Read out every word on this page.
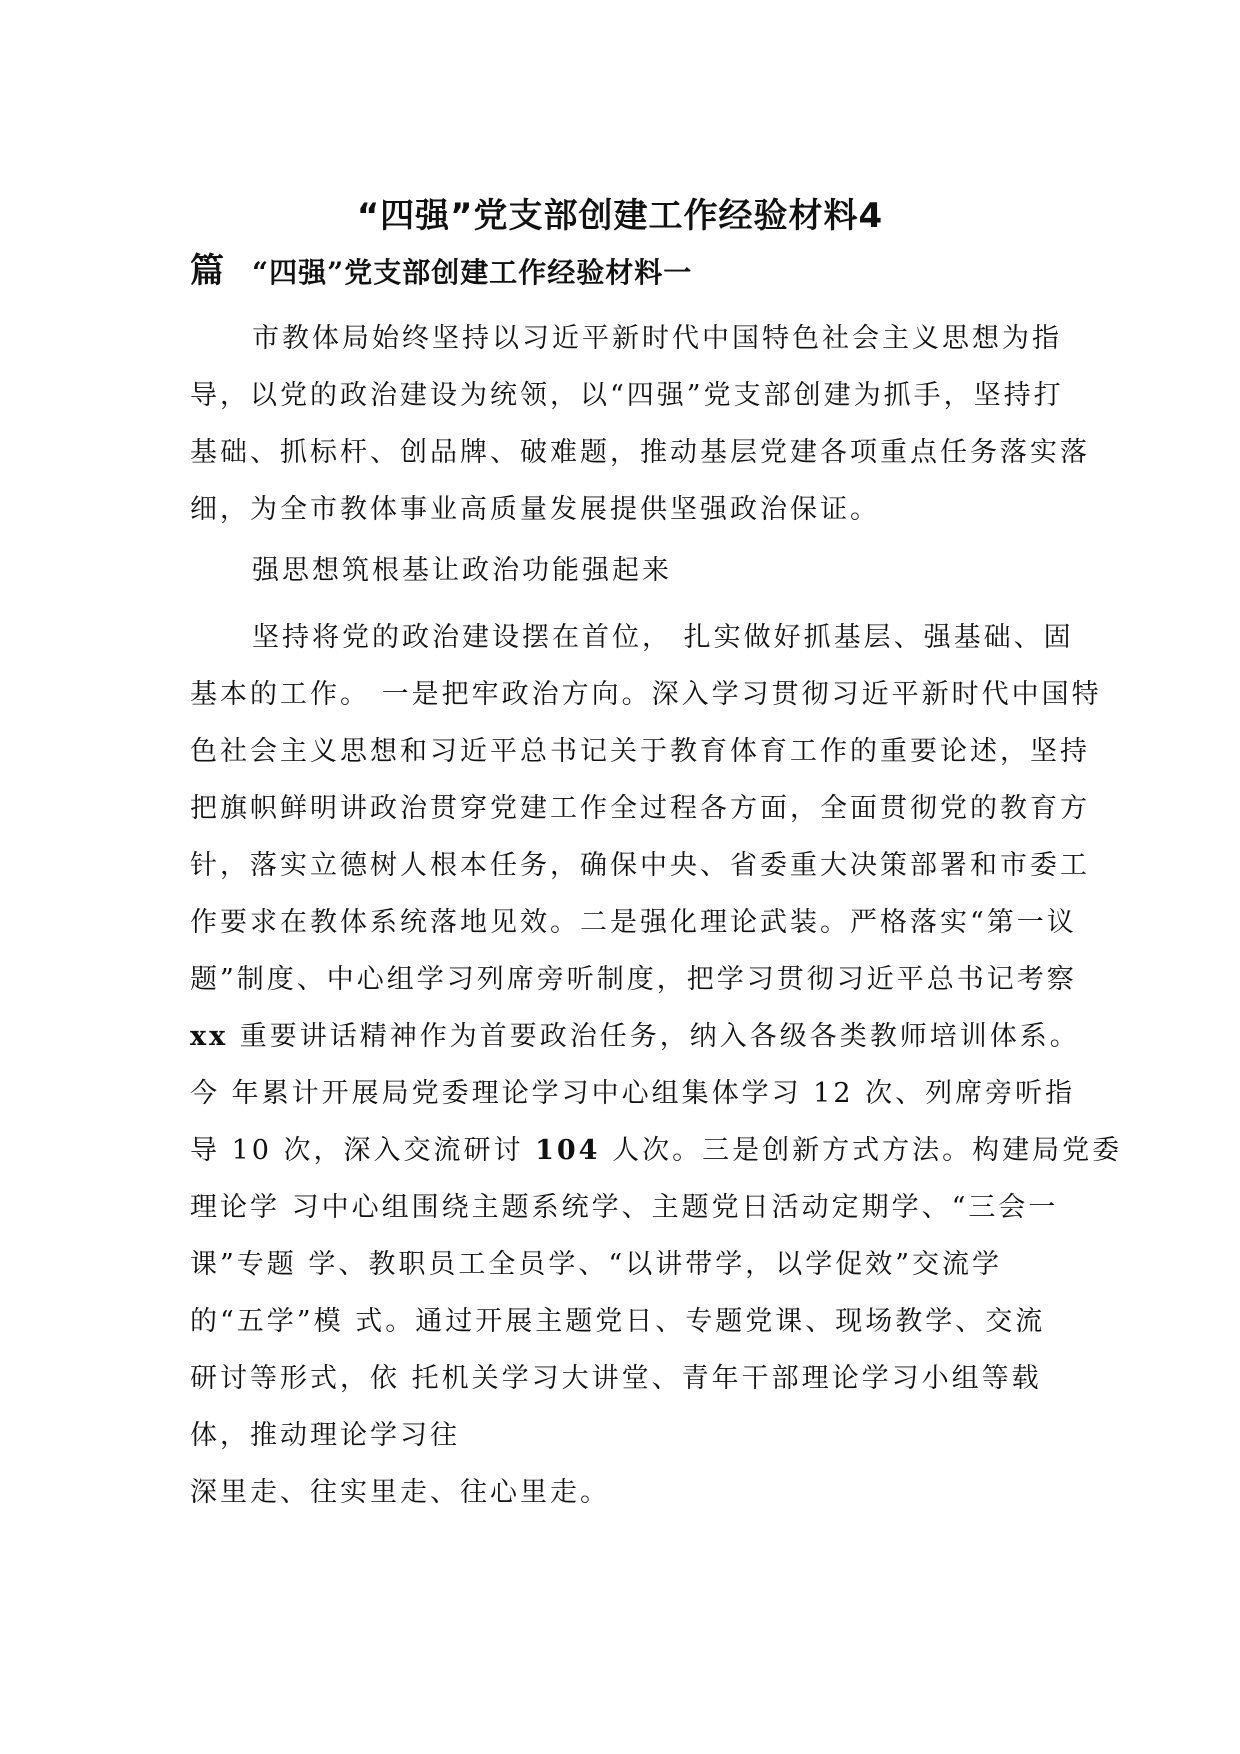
“四强”党支部创建工作经验材料4
篇 “四强”党支部创建工作经验材料一
市教体局始终坚持以习近平新时代中国特色社会主义思想为指
导，以党的政治建设为统领，以“四强”党支部创建为抓手，坚持打
基础、抓标杆、创品牌、破难题，推动基层党建各项重点任务落实落
细，为全市教体事业高质量发展提供坚强政治保证。
强思想筑根基让政治功能强起来
坚持将党的政治建设摆在首位， 扎实做好抓基层、强基础、固
基本的工作。 一是把牢政治方向。深入学习贯彻习近平新时代中国特
色社会主义思想和习近平总书记关于教育体育工作的重要论述，坚持
把旗帜鲜明讲政治贯穿党建工作全过程各方面，全面贯彻党的教育方
针，落实立德树人根本任务，确保中央、省委重大决策部署和市委工
作要求在教体系统落地见效。二是强化理论武装。严格落实“第一议
题”制度、中心组学习列席旁听制度，把学习贯彻习近平总书记考察
xx 重要讲话精神作为首要政治任务，纳入各级各类教师培训体系。
今 年累计开展局党委理论学习中心组集体学习 12 次、列席旁听指
导 10 次，深入交流研讨 104 人次。三是创新方式方法。构建局党委
理论学 习中心组围绕主题系统学、主题党日活动定期学、“三会一
课”专题 学、教职员工全员学、“以讲带学，以学促效”交流学
的“五学”模 式。通过开展主题党日、专题党课、现场教学、交流
研讨等形式，依 托机关学习大讲堂、青年干部理论学习小组等载
体，推动理论学习往
深里走、往实里走、往心里走。
